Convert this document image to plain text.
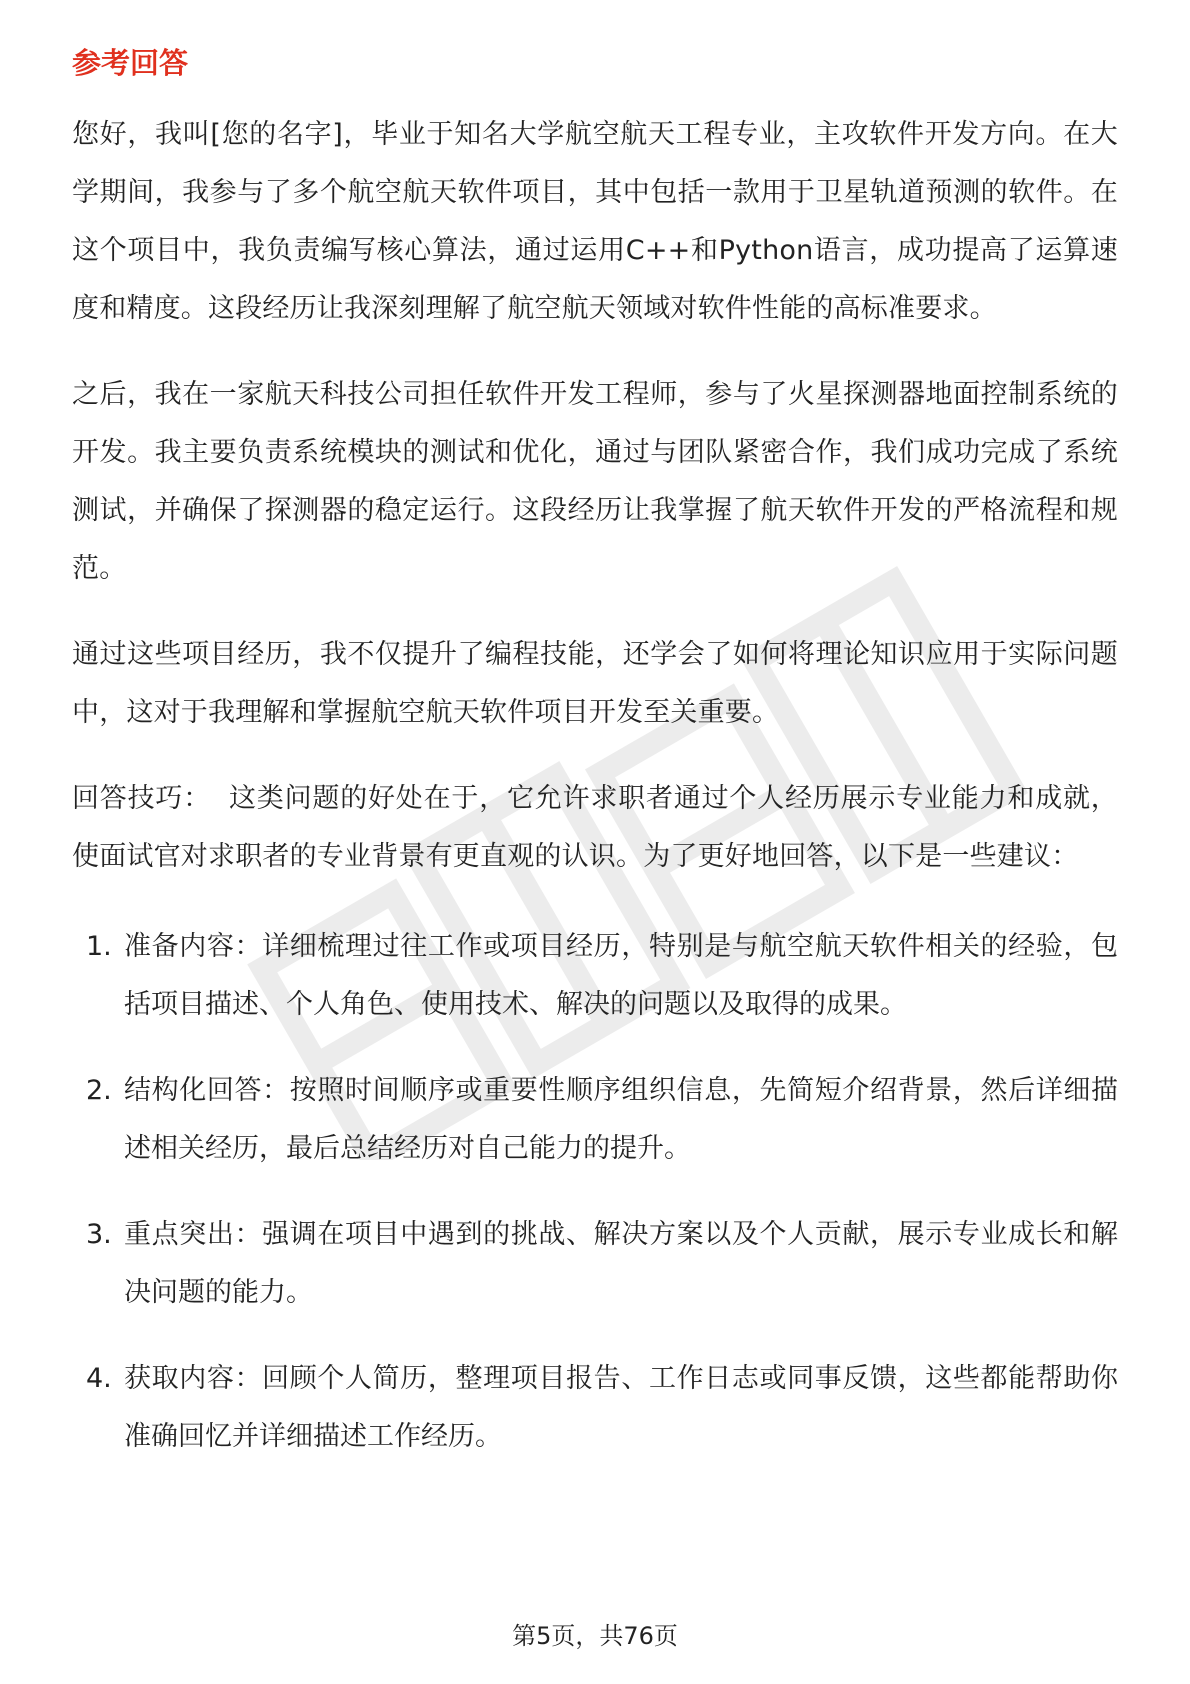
参考回答

您好，我叫[您的名字]，毕业于知名大学航空航天工程专业，主攻软件开发方向。在大学期间，我参与了多个航空航天软件项目，其中包括一款用于卫星轨道预测的软件。在这个项目中，我负责编写核心算法，通过运用C++和Python语言，成功提高了运算速度和精度。这段经历让我深刻理解了航空航天领域对软件性能的高标准要求。

之后，我在一家航天科技公司担任软件开发工程师，参与了火星探测器地面控制系统的开发。我主要负责系统模块的测试和优化，通过与团队紧密合作，我们成功完成了系统测试，并确保了探测器的稳定运行。这段经历让我掌握了航天软件开发的严格流程和规范。

通过这些项目经历，我不仅提升了编程技能，还学会了如何将理论知识应用于实际问题中，这对于我理解和掌握航空航天软件项目开发至关重要。

回答技巧： 这类问题的好处在于，它允许求职者通过个人经历展示专业能力和成就，使面试官对求职者的专业背景有更直观的认识。为了更好地回答，以下是一些建议：

1. 准备内容：详细梳理过往工作或项目经历，特别是与航空航天软件相关的经验，包括项目描述、个人角色、使用技术、解决的问题以及取得的成果。
2. 结构化回答：按照时间顺序或重要性顺序组织信息，先简短介绍背景，然后详细描述相关经历，最后总结经历对自己能力的提升。
3. 重点突出：强调在项目中遇到的挑战、解决方案以及个人贡献，展示专业成长和解决问题的能力。
4. 获取内容：回顾个人简历，整理项目报告、工作日志或同事反馈，这些都能帮助你准确回忆并详细描述工作经历。
第5页，共76页
